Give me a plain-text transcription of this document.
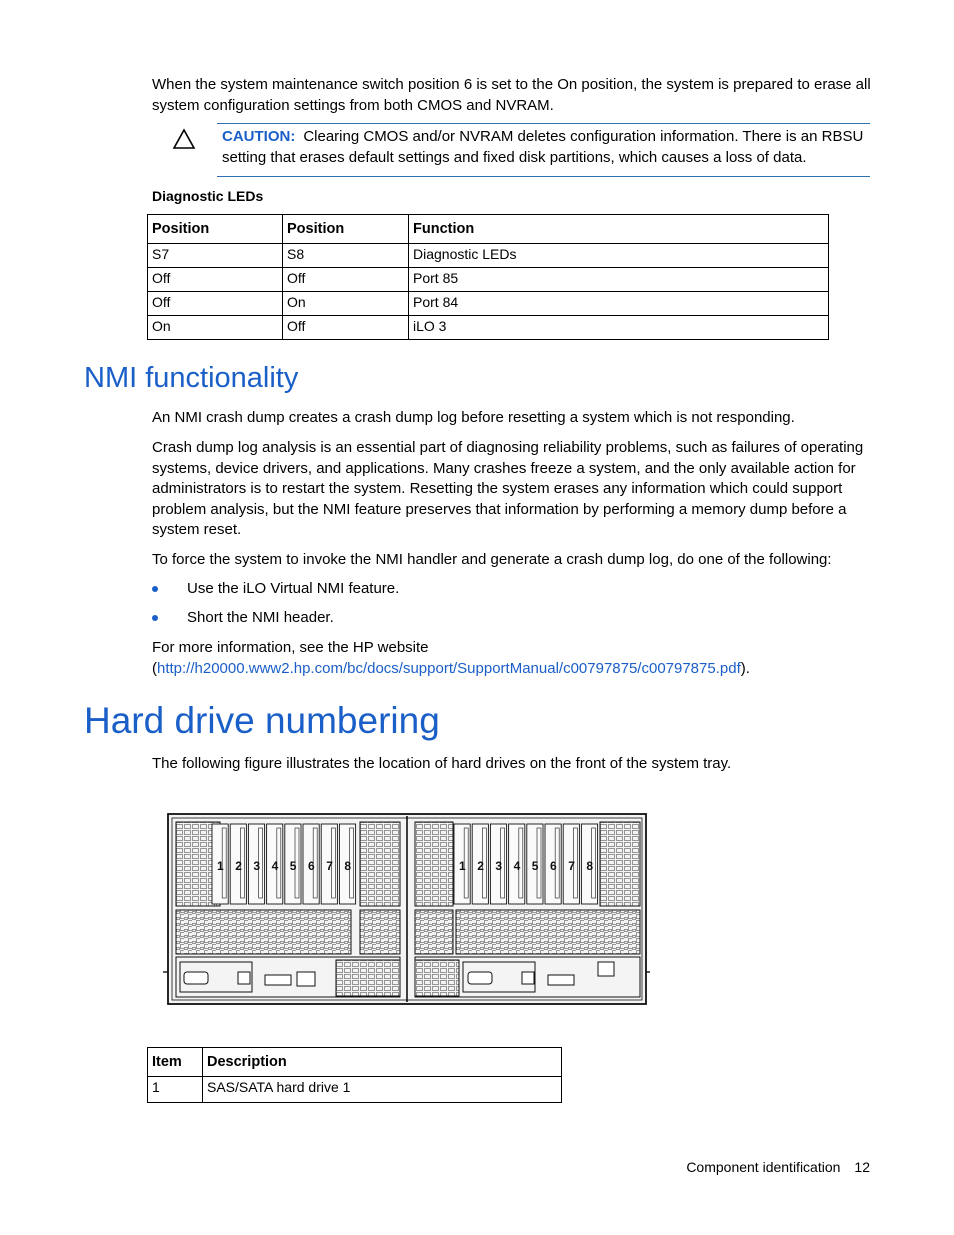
When the system maintenance switch position 6 is set to the On position, the system is prepared to erase all system configuration settings from both CMOS and NVRAM.

CAUTION: Clearing CMOS and/or NVRAM deletes configuration information. There is an RBSU setting that erases default settings and fixed disk partitions, which causes a loss of data.

Diagnostic LEDs

Position	Position	Function
S7	S8	Diagnostic LEDs
Off	Off	Port 85
Off	On	Port 84
On	Off	iLO 3
NMI functionality

An NMI crash dump creates a crash dump log before resetting a system which is not responding.

Crash dump log analysis is an essential part of diagnosing reliability problems, such as failures of operating systems, device drivers, and applications. Many crashes freeze a system, and the only available action for administrators is to restart the system. Resetting the system erases any information which could support problem analysis, but the NMI feature preserves that information by performing a memory dump before a system reset.

To force the system to invoke the NMI handler and generate a crash dump log, do one of the following:

Use the iLO Virtual NMI feature.
Short the NMI header.

For more information, see the HP website
(http://h20000.www2.hp.com/bc/docs/support/SupportManual/c00797875/c00797875.pdf).

Hard drive numbering

The following figure illustrates the location of hard drives on the front of the system tray.

1 2 3 4 5 6 7 8	1 2 3 4 5 6 7 8
Item	Description
1	SAS/SATA hard drive 1
Component identification 12
